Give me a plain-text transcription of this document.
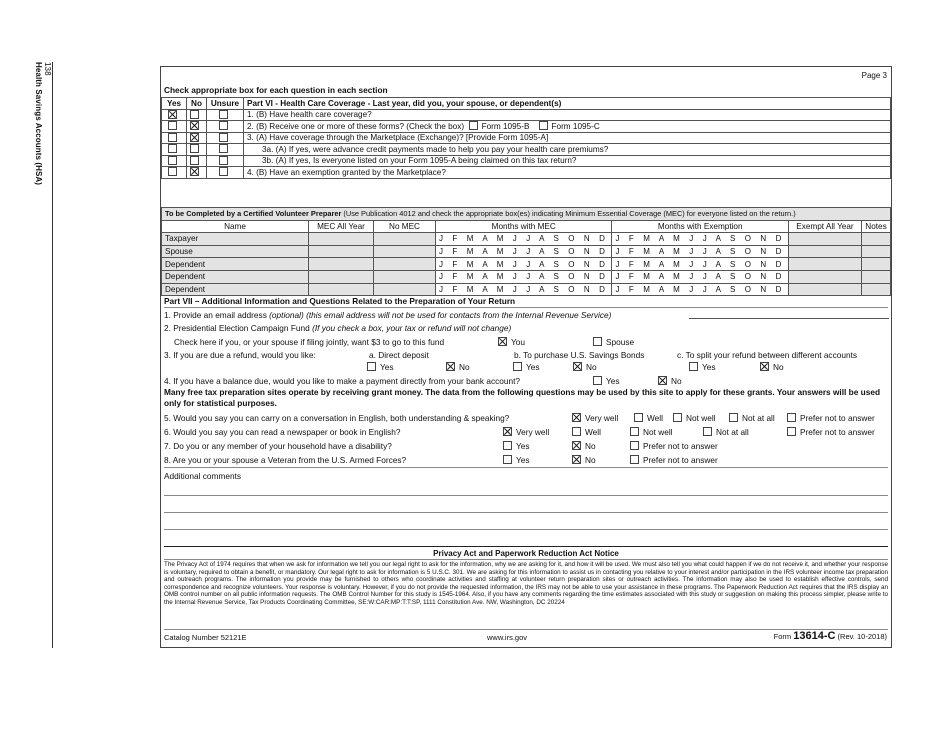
138
Health Savings Accounts (HSA)	Page 3
Check appropriate box for each question in each section
Yes	No	Unsure	Part VI - Health Care Coverage - Last year, did you, your spouse, or dependent(s)
			1. (B) Have health care coverage?
			2. (B) Receive one or more of these forms? (Check the box) Form 1095-B Form 1095-C
			3. (A) Have coverage through the Marketplace (Exchange)? [Provide Form 1095-A]
			3a. (A) If yes, were advance credit payments made to help you pay your health care premiums?
			3b. (A) If yes, Is everyone listed on your Form 1095-A being claimed on this tax return?
			4. (B) Have an exemption granted by the Marketplace?
To be Completed by a Certified Volunteer Preparer (Use Publication 4012 and check the appropriate box(es) indicating Minimum Essential Coverage (MEC) for everyone listed on the return.)						
Name	MEC All Year	No MEC	Months with MEC	Months with Exemption	Exempt All Year	Notes
Taxpayer			J F M A M J J A S O N D	J F M A M J J A S O N D		
Spouse			J F M A M J J A S O N D	J F M A M J J A S O N D		
Dependent			J F M A M J J A S O N D	J F M A M J J A S O N D		
Dependent			J F M A M J J A S O N D	J F M A M J J A S O N D		
Dependent			J F M A M J J A S O N D	J F M A M J J A S O N D		
Part VII – Additional Information and Questions Related to the Preparation of Your Return
1. Provide an email address (optional) (this email address will not be used for contacts from the Internal Revenue Service)
2. Presidential Election Campaign Fund (If you check a box, your tax or refund will not change)
Check here if you, or your spouse if filing jointly, want $3 to go to this fund	You	Spouse
3. If you are due a refund, would you like:	a. Direct deposit	b. To purchase U.S. Savings Bonds	c. To split your refund between different accounts
Yes	No	Yes	No	Yes	No
4. If you have a balance due, would you like to make a payment directly from your bank account?	Yes	No
Many free tax preparation sites operate by receiving grant money. The data from the following questions may be used by this site to apply for these grants. Your answers will be used only for statistical purposes.
5. Would you say you can carry on a conversation in English, both understanding & speaking?	Very well	Well	Not well	Not at all	Prefer not to answer
6. Would you say you can read a newspaper or book in English?	Very well	Well	Not well	Not at all	Prefer not to answer
7. Do you or any member of your household have a disability?	Yes	No	Prefer not to answer
8. Are you or your spouse a Veteran from the U.S. Armed Forces?	Yes	No	Prefer not to answer
Additional comments
Privacy Act and Paperwork Reduction Act Notice
The Privacy Act of 1974 requires that when we ask for information we tell you our legal right to ask for the information, why we are asking for it, and how it will be used. We must also tell you what could happen if we do not receive it, and whether your response is voluntary, required to obtain a benefit, or mandatory. Our legal right to ask for information is 5 U.S.C. 301. We are asking for this information to assist us in contacting you relative to your interest and/or participation in the IRS volunteer income tax preparation and outreach programs. The information you provide may be furnished to others who coordinate activities and staffing at volunteer return preparation sites or outreach activities. The information may also be used to establish effective controls, send correspondence and recognize volunteers. Your response is voluntary. However, if you do not provide the requested information, the IRS may not be able to use your assistance in these programs. The Paperwork Reduction Act requires that the IRS display an OMB control number on all public information requests. The OMB Control Number for this study is 1545-1964. Also, if you have any comments regarding the time estimates associated with this study or suggestion on making this process simpler, please write to the Internal Revenue Service, Tax Products Coordinating Committee, SE:W:CAR:MP:T:T:SP, 1111 Constitution Ave. NW, Washington, DC 20224
Catalog Number 52121E	www.irs.gov	Form 13614-C (Rev. 10-2018)
